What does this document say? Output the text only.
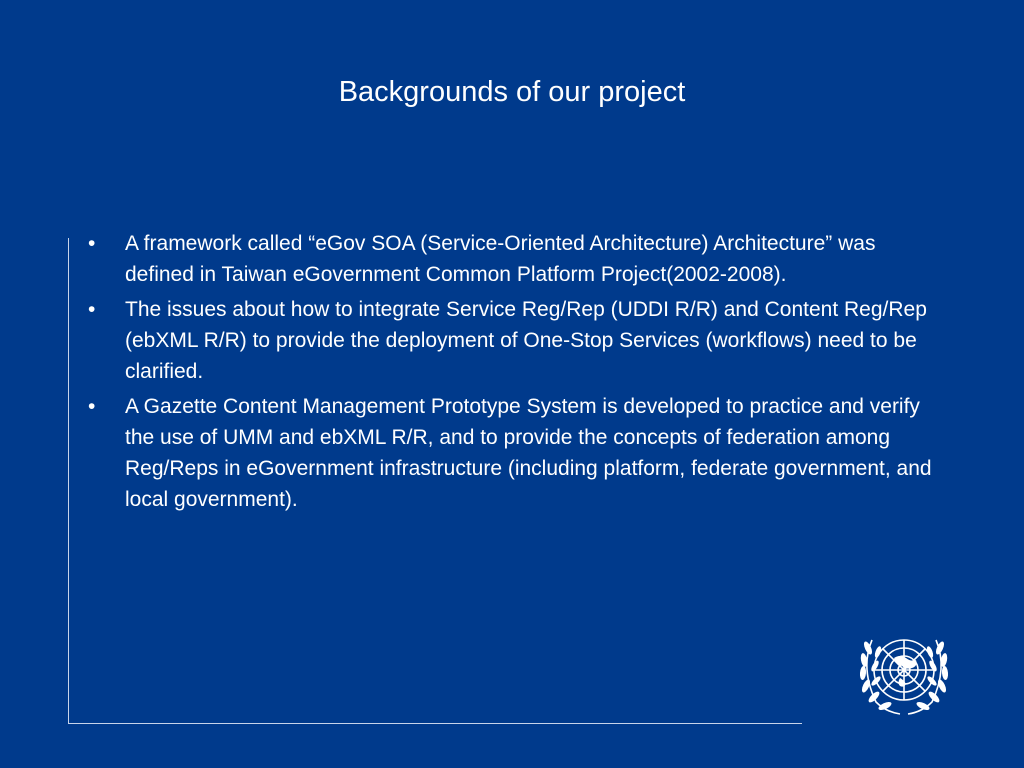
Backgrounds of our project
•	A framework called “eGov SOA (Service-Oriented Architecture) Architecture” was defined in Taiwan eGovernment Common Platform Project(2002-2008).
•	The issues about how to integrate Service Reg/Rep (UDDI R/R) and Content Reg/Rep (ebXML R/R) to provide the deployment of One-Stop Services (workflows) need to be clarified.
•	A Gazette Content Management Prototype System is developed to practice and verify the use of UMM and ebXML R/R, and to provide the concepts of federation among Reg/Reps in eGovernment infrastructure (including platform, federate government, and local government).
